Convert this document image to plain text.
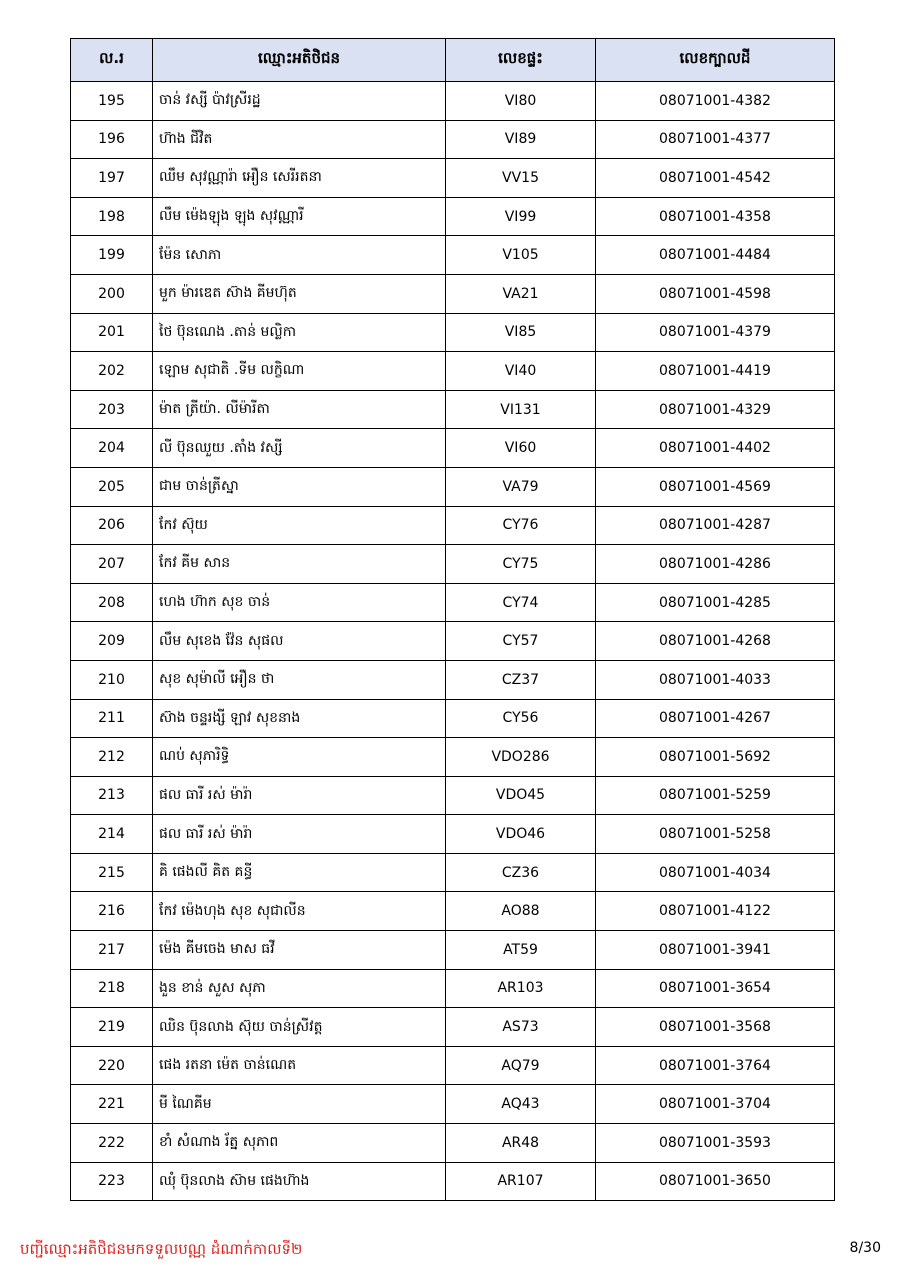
ល.រ	ឈ្មោះអតិថិជន	លេខផ្ទះ	លេខក្បាលដី
195	ចាន់ វស្សី ប៉ាវស្រីរដ្ឋ	VI80	08071001-4382
196	ហ៊ាង ជីវិត	VI89	08071001-4377
197	ឈឹម សុវណ្ណារ៉ា អឿន សេរីរតនា	VV15	08071001-4542
198	លឹម ម៉េងឡុង ឡុង សុវណ្ណារី	VI99	08071001-4358
199	ម៉ែន សោភា	V105	08071001-4484
200	មួក ម៉ារឌេត ស៊ាង គីមហ៊ុត	VA21	08071001-4598
201	ថៃ ប៊ុនណេង .តាន់ មល្លិកា	VI85	08071001-4379
202	ឡោម សុជាតិ .ទីម លក្ខិណា	VI40	08071001-4419
203	ម៉ាត ត្រីយ៉ា. លីម៉ារីតា	VI131	08071001-4329
204	លី ប៊ុនឈួយ .តាំង វស្សី	VI60	08071001-4402
205	ជាម ចាន់ត្រីស្នា	VA79	08071001-4569
206	កែវ ស៊ុយ	CY76	08071001-4287
207	កែវ គីម សាន	CY75	08071001-4286
208	ហេង ហ៊ាក សុខ ចាន់	CY74	08071001-4285
209	លឹម សុខេង វ៉ែន សុផល	CY57	08071001-4268
210	សុខ សុម៉ាលី អឿន ថា	CZ37	08071001-4033
211	ស៊ាង ចន្ទរង្សី ឡាវ សុខនាង	CY56	08071001-4267
212	ណប់ សុភារិទ្ធិ	VDO286	08071001-5692
213	ផល ធារី រស់ ម៉ារ៉ា	VDO45	08071001-5259
214	ផល ធារី រស់ ម៉ារ៉ា	VDO46	08071001-5258
215	គិ ផេងលី គិត គន្ធី	CZ36	08071001-4034
216	កែវ ម៉េងហុង សុខ សុជាលីន	AO88	08071001-4122
217	ម៉េង គីមចេង មាស ធវី	AT59	08071001-3941
218	ងួន ខាន់ សួស សុភា	AR103	08071001-3654
219	ឈិន ប៊ុនលាង ស៊ុយ ចាន់ស្រីវត្ត	AS73	08071001-3568
220	ផេង រតនា ម៉េត ចាន់ណេត	AQ79	08071001-3764
221	មី ណៃគីម	AQ43	08071001-3704
222	ខាំ សំណាង រ័ត្ន សុភាព	AR48	08071001-3593
223	ឈុំ ប៊ុនលាង ស៊ាម ផេងហ៊ាង	AR107	08071001-3650
បញ្ជីឈ្មោះអតិថិជនមកទទួលបណ្ណ ដំណាក់កាលទី២	8/30
